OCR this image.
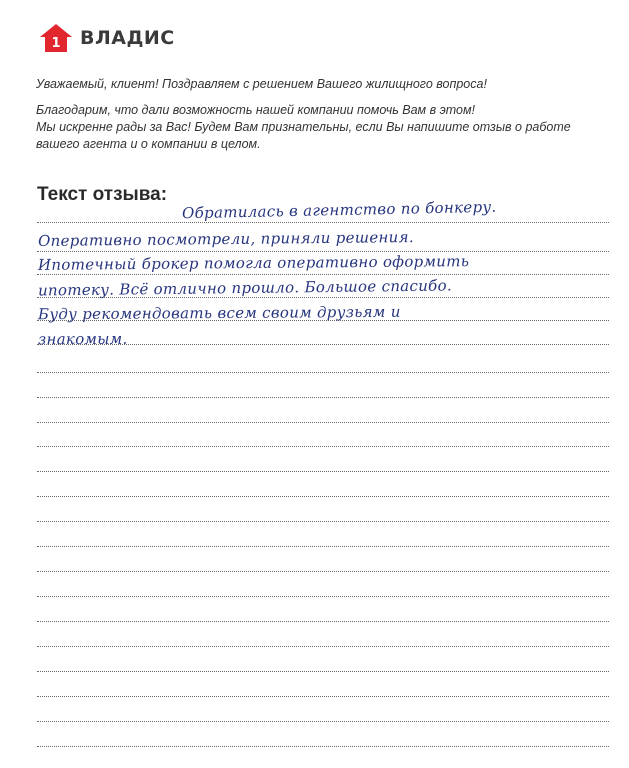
1 ВЛАДИС

Уважаемый, клиент! Поздравляем с решением Вашего жилищного вопроса!

Благодарим, что дали возможность нашей компании помочь Вам в этом!

Мы искренне рады за Вас! Будем Вам признательны, если Вы напишите отзыв о работе

вашего агента и о компании в целом.

Текст отзыва:
Обратилась в агентство по бонкеру.
Оперативно посмотрели, приняли решения.
Ипотечный брокер помогла оперативно оформить
ипотеку. Всё отлично прошло. Большое спасибо.
Буду рекомендовать всем своим друзьям и
знакомым.
